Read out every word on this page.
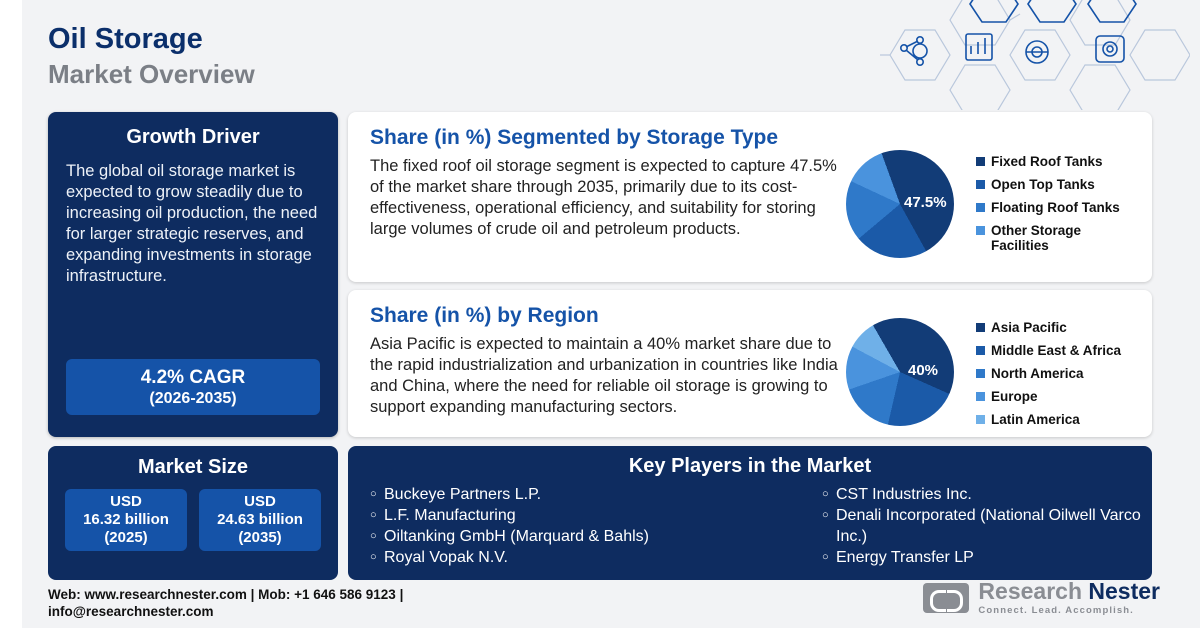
Oil Storage
Market Overview
Growth Driver
The global oil storage market is expected to grow steadily due to increasing oil production, the need for larger strategic reserves, and expanding investments in storage infrastructure.
4.2% CAGR
(2026-2035)
Share (in %) Segmented by Storage Type
The fixed roof oil storage segment is expected to capture 47.5% of the market share through 2035, primarily due to its cost-effectiveness, operational efficiency, and suitability for storing large volumes of crude oil and petroleum products.
47.5%
Fixed Roof Tanks
Open Top Tanks
Floating Roof Tanks
Other Storage Facilities
Share (in %) by Region
Asia Pacific is expected to maintain a 40% market share due to the rapid industrialization and urbanization in countries like India and China, where the need for reliable oil storage is growing to support expanding manufacturing sectors.
40%
Asia Pacific
Middle East & Africa
North America
Europe
Latin America
Market Size
USD
16.32 billion
(2025)
USD
24.63 billion
(2035)
Key Players in the Market
○ Buckeye Partners L.P.
○ L.F. Manufacturing
○ Oiltanking GmbH (Marquard & Bahls)
○ Royal Vopak N.V.
○ CST Industries Inc.
○ Denali Incorporated (National Oilwell Varco Inc.)
○ Energy Transfer LP
Web: www.researchnester.com | Mob: +1 646 586 9123 |
info@researchnester.com
Research Nester
Connect. Lead. Accomplish.
